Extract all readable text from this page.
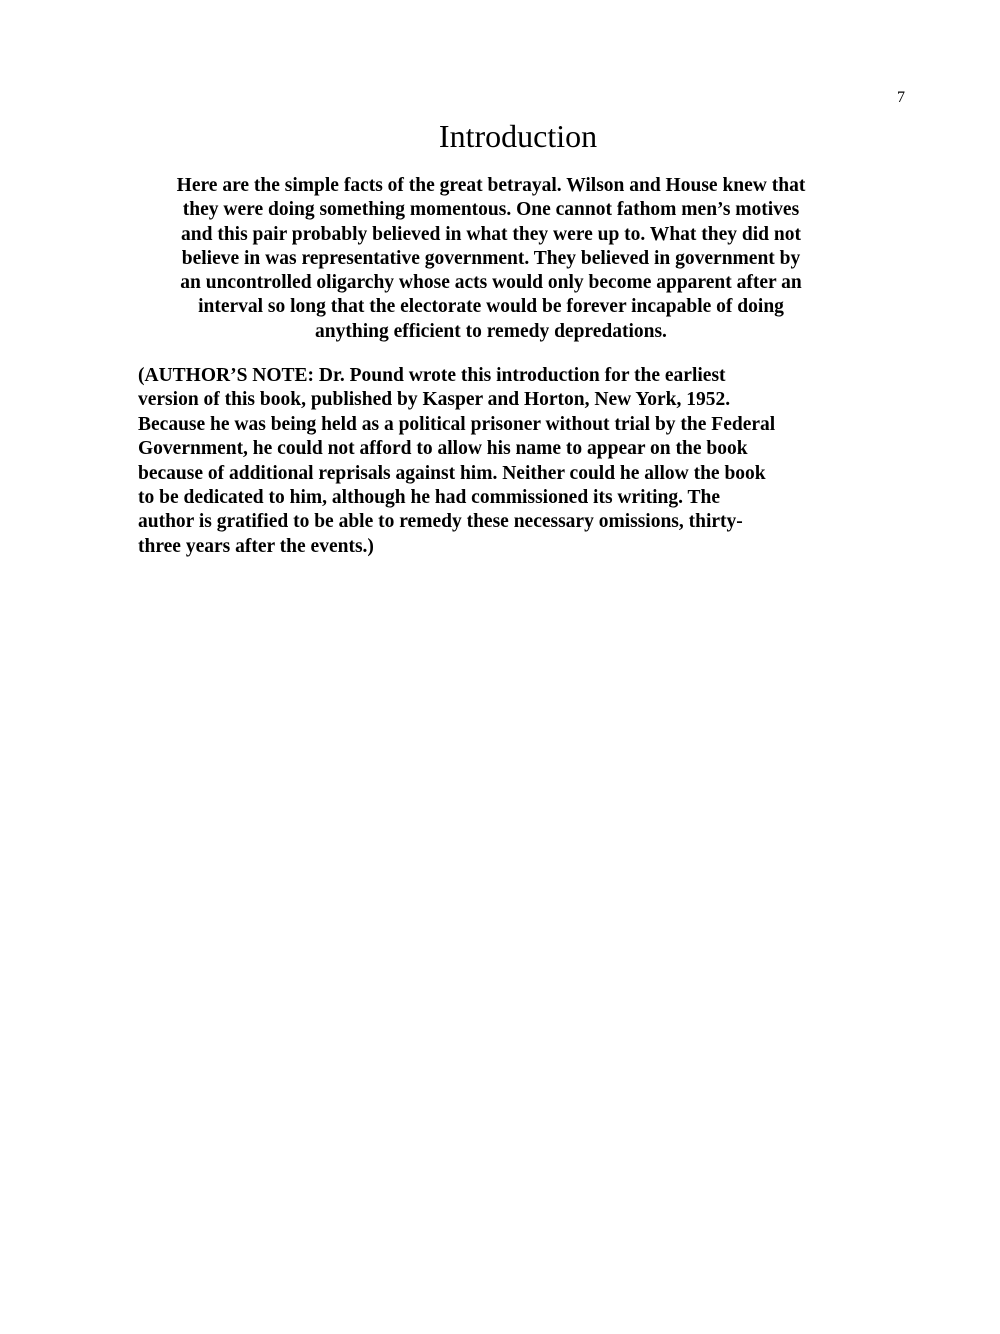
7
Introduction

Here are the simple facts of the great betrayal. Wilson and House knew that
they were doing something momentous. One cannot fathom men’s motives
and this pair probably believed in what they were up to. What they did not
believe in was representative government. They believed in government by
an uncontrolled oligarchy whose acts would only become apparent after an
interval so long that the electorate would be forever incapable of doing
anything efficient to remedy depredations.

(AUTHOR’S NOTE: Dr. Pound wrote this introduction for the earliest
version of this book, published by Kasper and Horton, New York, 1952.
Because he was being held as a political prisoner without trial by the Federal
Government, he could not afford to allow his name to appear on the book
because of additional reprisals against him. Neither could he allow the book
to be dedicated to him, although he had commissioned its writing. The
author is gratified to be able to remedy these necessary omissions, thirty-
three years after the events.)
